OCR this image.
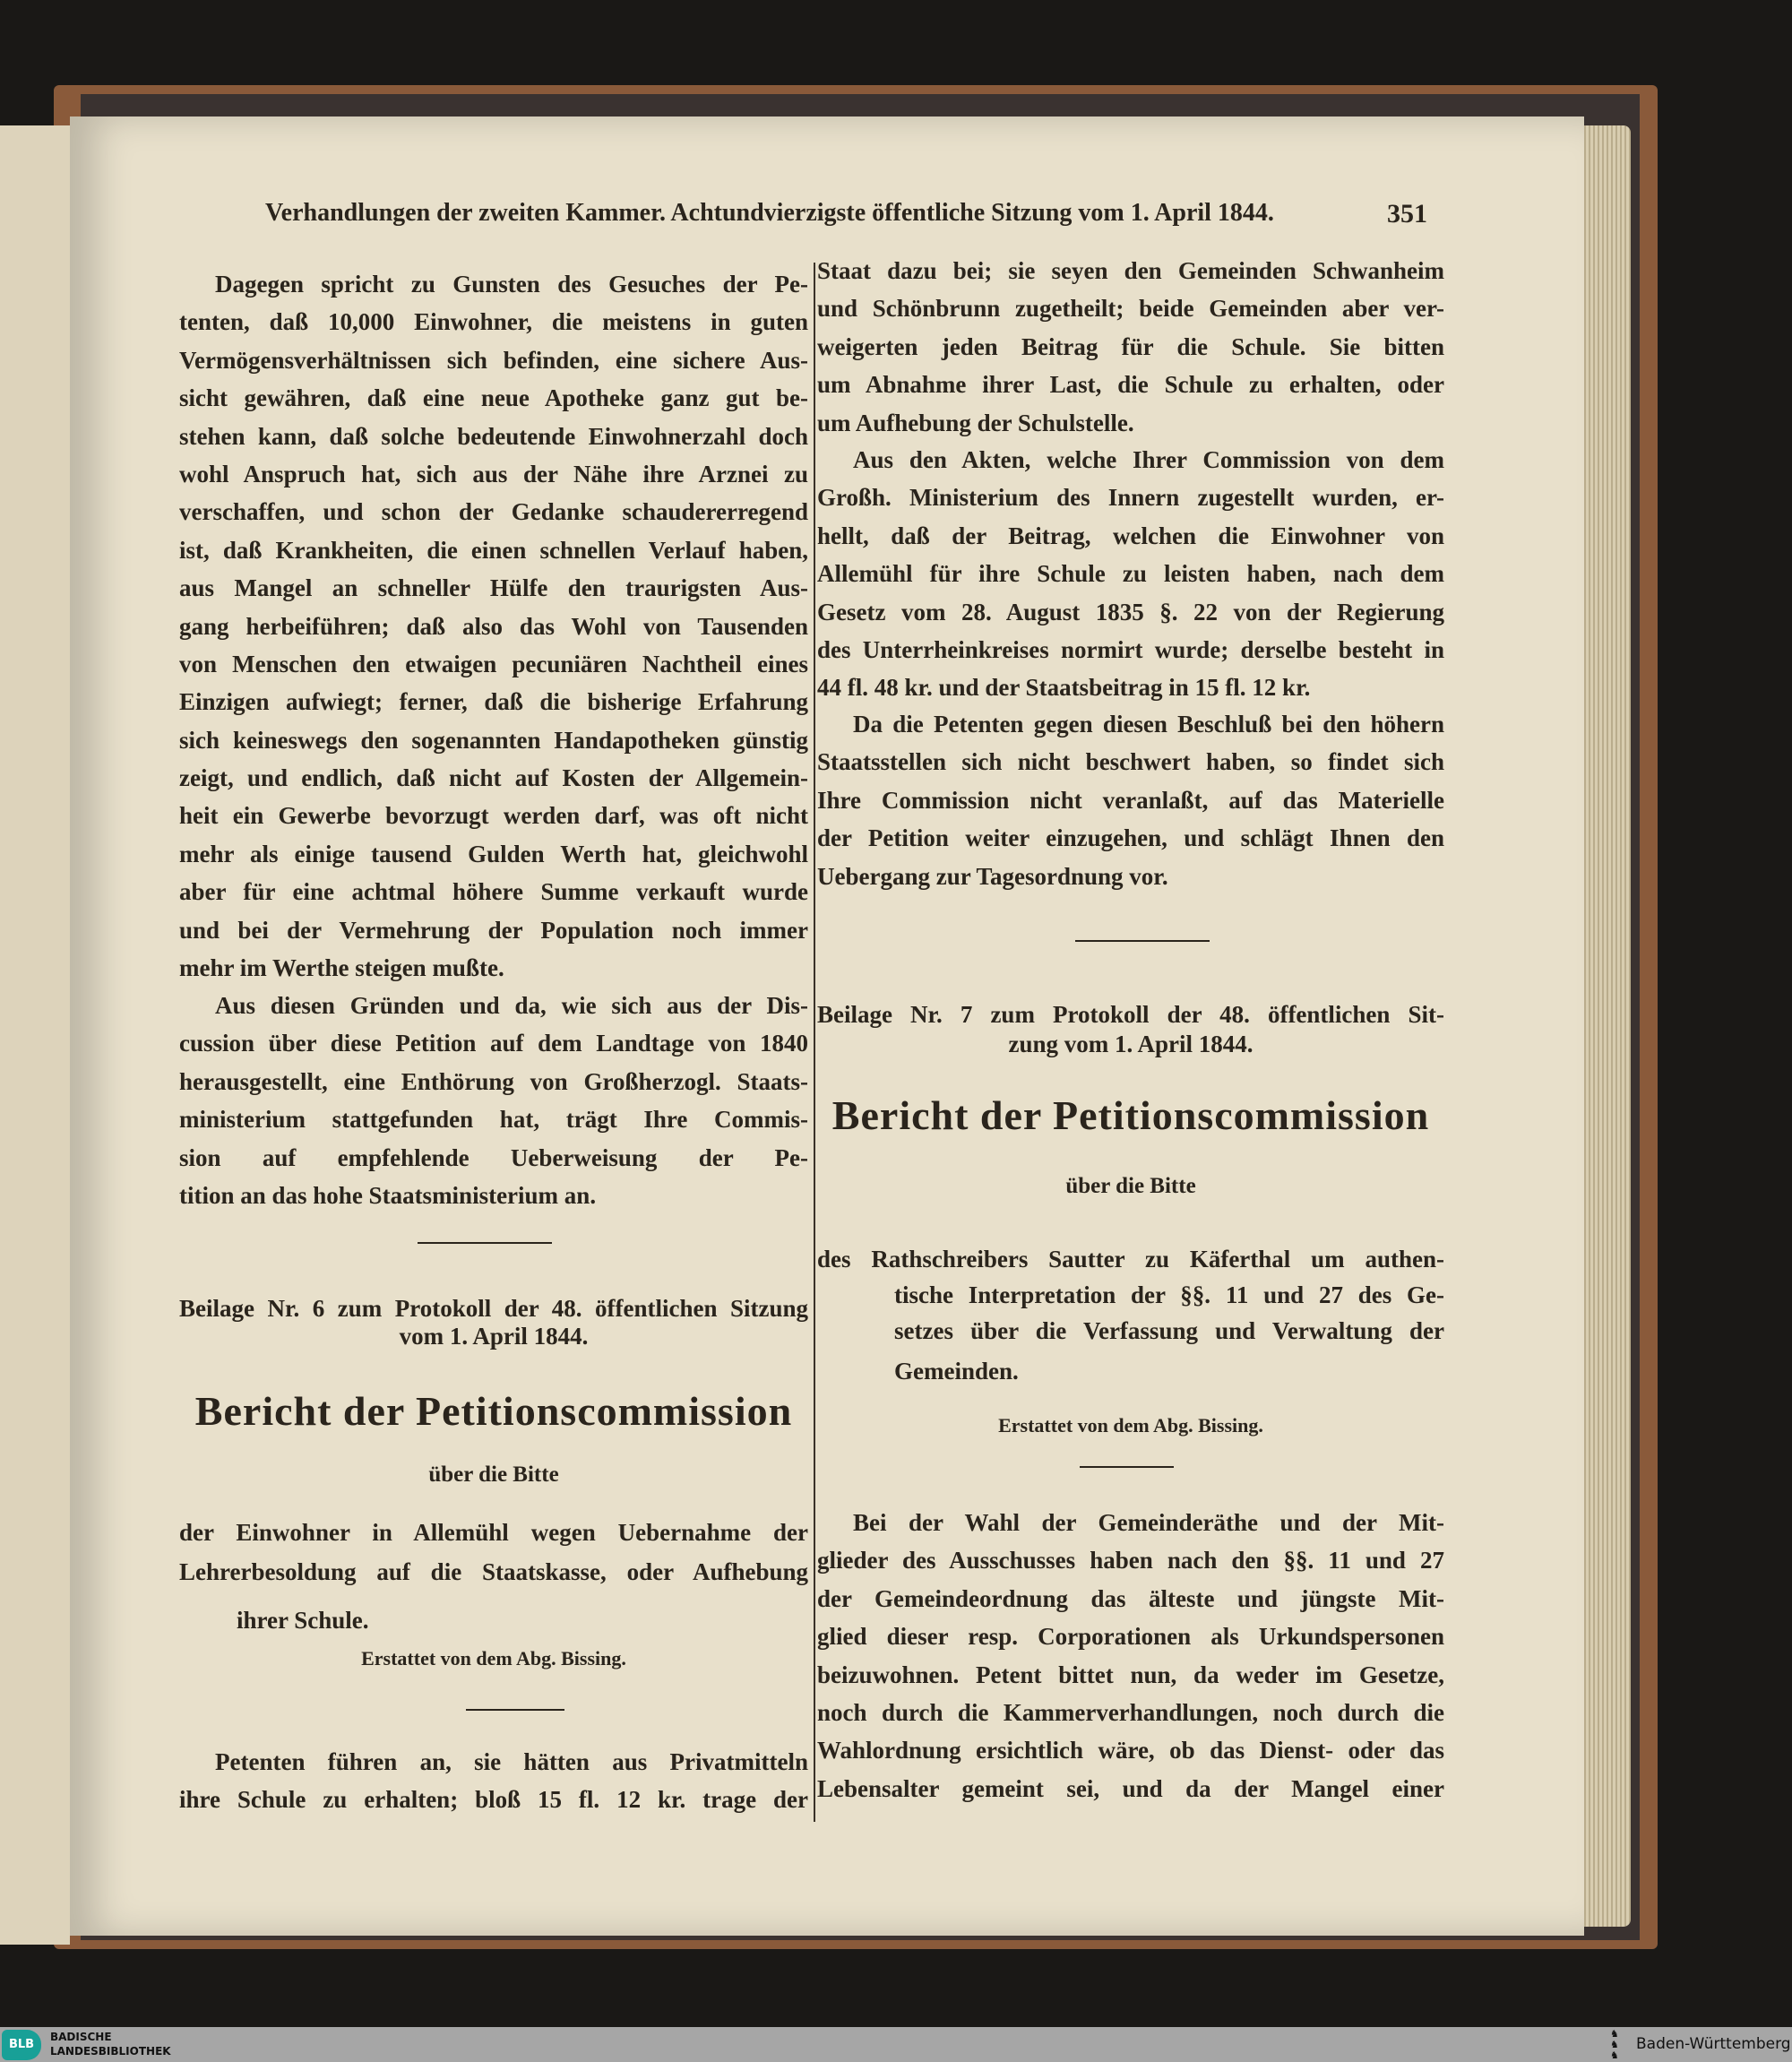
Verhandlungen der zweiten Kammer. Achtundvierzigste öffentliche Sitzung vom 1. April 1844.	351
Dagegen spricht zu Gunsten des Gesuches der Pe-
tenten, daß 10,000 Einwohner, die meistens in guten
Vermögensverhältnissen sich befinden, eine sichere Aus-
sicht gewähren, daß eine neue Apotheke ganz gut be-
stehen kann, daß solche bedeutende Einwohnerzahl doch
wohl Anspruch hat, sich aus der Nähe ihre Arznei zu
verschaffen, und schon der Gedanke schaudererregend
ist, daß Krankheiten, die einen schnellen Verlauf haben,
aus Mangel an schneller Hülfe den traurigsten Aus-
gang herbeiführen; daß also das Wohl von Tausenden
von Menschen den etwaigen pecuniären Nachtheil eines
Einzigen aufwiegt; ferner, daß die bisherige Erfahrung
sich keineswegs den sogenannten Handapotheken günstig
zeigt, und endlich, daß nicht auf Kosten der Allgemein-
heit ein Gewerbe bevorzugt werden darf, was oft nicht
mehr als einige tausend Gulden Werth hat, gleichwohl
aber für eine achtmal höhere Summe verkauft wurde
und bei der Vermehrung der Population noch immer
mehr im Werthe steigen mußte.
Aus diesen Gründen und da, wie sich aus der Dis-
cussion über diese Petition auf dem Landtage von 1840
herausgestellt, eine Enthörung von Großherzogl. Staats-
ministerium stattgefunden hat, trägt Ihre Commis-
sion auf empfehlende Ueberweisung der Pe-
tition an das hohe Staatsministerium an.
Beilage Nr. 6 zum Protokoll der 48. öffentlichen Sitzung
vom 1. April 1844.
Bericht der Petitionscommission
über die Bitte
der Einwohner in Allemühl wegen Uebernahme der
Lehrerbesoldung auf die Staatskasse, oder Aufhebung
ihrer Schule.
Erstattet von dem Abg. Bissing.
Petenten führen an, sie hätten aus Privatmitteln
ihre Schule zu erhalten; bloß 15 fl. 12 kr. trage der
Staat dazu bei; sie seyen den Gemeinden Schwanheim
und Schönbrunn zugetheilt; beide Gemeinden aber ver-
weigerten jeden Beitrag für die Schule. Sie bitten
um Abnahme ihrer Last, die Schule zu erhalten, oder
um Aufhebung der Schulstelle.
Aus den Akten, welche Ihrer Commission von dem
Großh. Ministerium des Innern zugestellt wurden, er-
hellt, daß der Beitrag, welchen die Einwohner von
Allemühl für ihre Schule zu leisten haben, nach dem
Gesetz vom 28. August 1835 §. 22 von der Regierung
des Unterrheinkreises normirt wurde; derselbe besteht in
44 fl. 48 kr. und der Staatsbeitrag in 15 fl. 12 kr.
Da die Petenten gegen diesen Beschluß bei den höhern
Staatsstellen sich nicht beschwert haben, so findet sich
Ihre Commission nicht veranlaßt, auf das Materielle
der Petition weiter einzugehen, und schlägt Ihnen den
Uebergang zur Tagesordnung vor.
Beilage Nr. 7 zum Protokoll der 48. öffentlichen Sit-
zung vom 1. April 1844.
Bericht der Petitionscommission
über die Bitte
des Rathschreibers Sautter zu Käferthal um authen-
tische Interpretation der §§. 11 und 27 des Ge-
setzes über die Verfassung und Verwaltung der
Gemeinden.
Erstattet von dem Abg. Bissing.
Bei der Wahl der Gemeinderäthe und der Mit-
glieder des Ausschusses haben nach den §§. 11 und 27
der Gemeindeordnung das älteste und jüngste Mit-
glied dieser resp. Corporationen als Urkundspersonen
beizuwohnen. Petent bittet nun, da weder im Gesetze,
noch durch die Kammerverhandlungen, noch durch die
Wahlordnung ersichtlich wäre, ob das Dienst- oder das
Lebensalter gemeint sei, und da der Mangel einer
BLB
BADISCHE
LANDESBIBLIOTHEK
♞
♞
♞
Baden-Württemberg
